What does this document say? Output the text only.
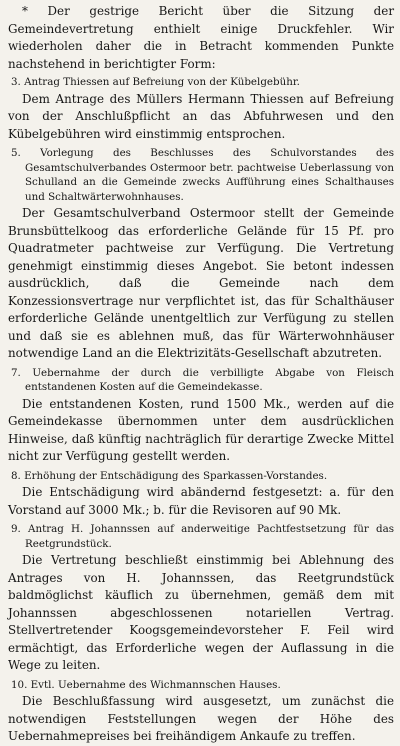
* Der gestrige Bericht über die Sitzung der Gemeindevertretung enthielt einige Druckfehler. Wir wiederholen daher die in Betracht kommenden Punkte nachstehend in berichtigter Form:

3. Antrag Thiessen auf Befreiung von der Kübelgebühr.

Dem Antrage des Müllers Hermann Thiessen auf Befreiung von der Anschlußpflicht an das Abfuhrwesen und den Kübelgebühren wird einstimmig entsprochen.

5. Vorlegung des Beschlusses des Schulvorstandes des Gesamtschulverbandes Ostermoor betr. pachtweise Ueberlassung von Schulland an die Gemeinde zwecks Aufführung eines Schalthauses und Schaltwärterwohnhauses.

Der Gesamtschulverband Ostermoor stellt der Gemeinde Brunsbüttelkoog das erforderliche Gelände für 15 Pf. pro Quadratmeter pachtweise zur Verfügung. Die Vertretung genehmigt einstimmig dieses Angebot. Sie betont indessen ausdrücklich, daß die Gemeinde nach dem Konzessionsvertrage nur verpflichtet ist, das für Schalthäuser erforderliche Gelände unentgeltlich zur Verfügung zu stellen und daß sie es ablehnen muß, das für Wärterwohnhäuser notwendige Land an die Elektrizitäts-Gesellschaft abzutreten.

7. Uebernahme der durch die verbilligte Abgabe von Fleisch entstandenen Kosten auf die Gemeindekasse.

Die entstandenen Kosten, rund 1500 Mk., werden auf die Gemeindekasse übernommen unter dem ausdrücklichen Hinweise, daß künftig nachträglich für derartige Zwecke Mittel nicht zur Verfügung gestellt werden.

8. Erhöhung der Entschädigung des Sparkassen-Vorstandes.

Die Entschädigung wird abändernd festgesetzt: a. für den Vorstand auf 3000 Mk.; b. für die Revisoren auf 90 Mk.

9. Antrag H. Johannssen auf anderweitige Pachtfestsetzung für das Reetgrundstück.

Die Vertretung beschließt einstimmig bei Ablehnung des Antrages von H. Johannssen, das Reetgrundstück baldmöglichst käuflich zu übernehmen, gemäß dem mit Johannssen abgeschlossenen notariellen Vertrag. Stellvertretender Koogsgemeindevorsteher F. Feil wird ermächtigt, das Erforderliche wegen der Auflassung in die Wege zu leiten.

10. Evtl. Uebernahme des Wichmannschen Hauses.

Die Beschlußfassung wird ausgesetzt, um zunächst die notwendigen Feststellungen wegen der Höhe des Uebernahmepreises bei freihändigem Ankaufe zu treffen.
